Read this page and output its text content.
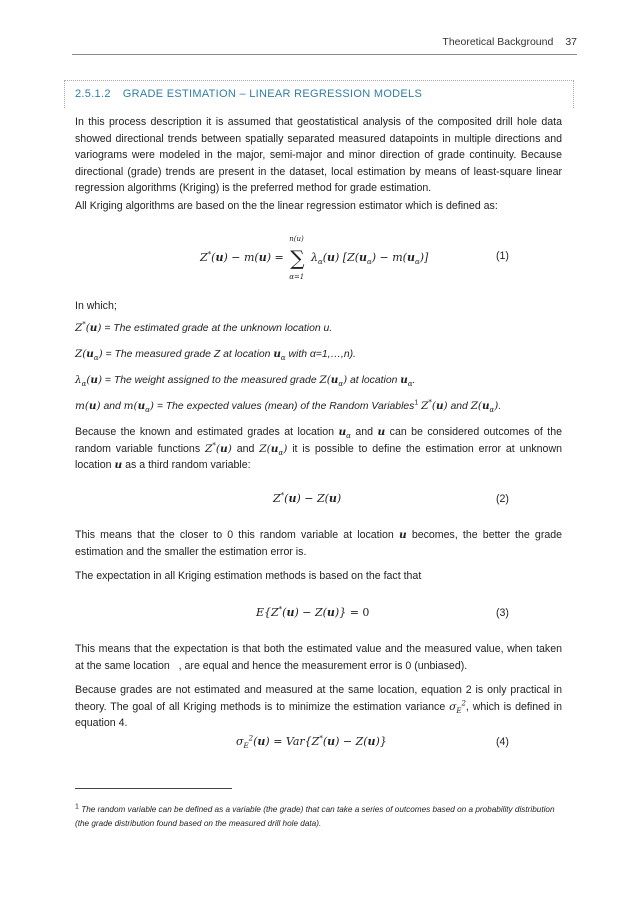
Theoretical Background 37
2.5.1.2 GRADE ESTIMATION – LINEAR REGRESSION MODELS
In this process description it is assumed that geostatistical analysis of the composited drill hole data showed directional trends between spatially separated measured datapoints in multiple directions and variograms were modeled in the major, semi-major and minor direction of grade continuity. Because directional (grade) trends are present in the dataset, local estimation by means of least-square linear regression algorithms (Kriging) is the preferred method for grade estimation.
All Kriging algorithms are based on the the linear regression estimator which is defined as:
Z*(u) − m(u) = ∑
n(u)
α=1
$\lambda_\alpha(u) [Z(u_\alpha) - m(u_\alpha)]$	(1)
In which;
Z*(u) = The estimated grade at the unknown location u.
$Z(u_\alpha)$ = The measured grade Z at location $u_\alpha$ with α=1,…,n).
$\lambda_\alpha(u)$ = The weight assigned to the measured grade $Z(u_\alpha)$ at location $u_\alpha$.
m(u) and $m(u_\alpha)$ = The expected values (mean) of the Random Variables$^1$ Z*(u) and $Z(u_\alpha)$.
Because the known and estimated grades at location $u_\alpha$ and u can be considered outcomes of the random variable functions Z*(u) and $Z(u_\alpha)$ it is possible to define the estimation error at unknown location u as a third random variable:
Z*(u) − Z(u)	(2)
This means that the closer to 0 this random variable at location u becomes, the better the grade estimation and the smaller the estimation error is.
The expectation in all Kriging estimation methods is based on the fact that
E{Z*(u) − Z(u)} = 0	(3)
This means that the expectation is that both the estimated value and the measured value, when taken at the same location   , are equal and hence the measurement error is 0 (unbiased).
Because grades are not estimated and measured at the same location, equation 2 is only practical in theory. The goal of all Kriging methods is to minimize the estimation variance $\sigma_E^2$, which is defined in equation 4.
$\sigma_E^2(u) = Var\{Z^*(u) - Z(u)\}$	(4)
$^1$ The random variable can be defined as a variable (the grade) that can take a series of outcomes based on a probability distribution (the grade distribution found based on the measured drill hole data).
